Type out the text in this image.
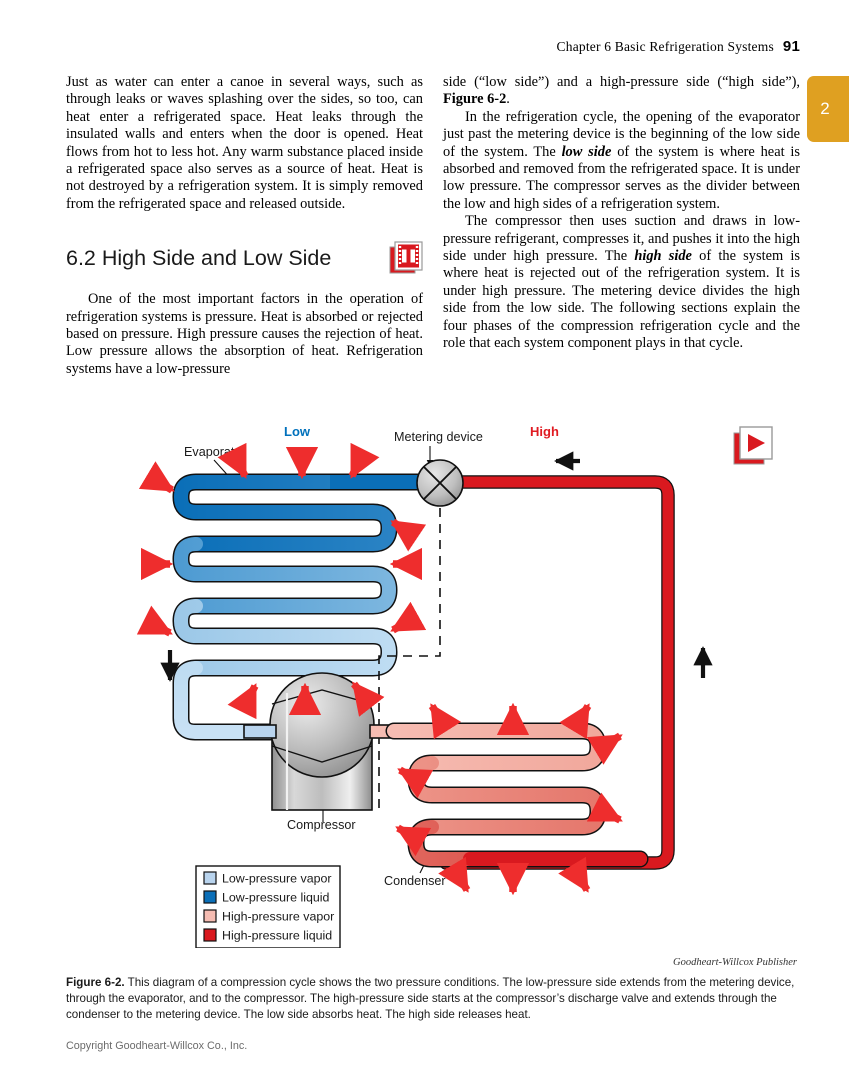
Chapter 6 Basic Refrigeration Systems 91
2

Just as water can enter a canoe in several ways, such as through leaks or waves splashing over the sides, so too, can heat enter a refrigerated space. Heat leaks through the insulated walls and enters when the door is opened. Heat flows from hot to less hot. Any warm substance placed inside a refrigerated space also serves as a source of heat. Heat is not destroyed by a refrigeration system. It is simply removed from the refrigerated space and released outside.

6.2 High Side and Low Side

One of the most important factors in the operation of refrigeration systems is pressure. Heat is absorbed or rejected based on pressure. High pressure causes the rejection of heat. Low pressure allows the absorption of heat. Refrigeration systems have a low-pressure

side (“low side”) and a high-pressure side (“high side”), Figure 6-2.

In the refrigeration cycle, the opening of the evaporator just past the metering device is the beginning of the low side of the system. The low side of the system is where heat is absorbed and removed from the refrigerated space. It is under low pressure. The compressor serves as the divider between the low and high sides of a refrigeration system.

The compressor then uses suction and draws in low-pressure refrigerant, compresses it, and pushes it into the high side under high pressure. The high side of the system is where heat is rejected out of the refrigeration system. It is under high pressure. The metering device divides the high side from the low side. The following sections explain the four phases of the compression refrigeration cycle and the role that each system component plays in that cycle.

Low	High
Evaporator
Metering device
Compressor
Condenser
Low-pressure vapor
Low-pressure liquid
High-pressure vapor
High-pressure liquid
Goodheart-Willcox Publisher
Figure 6-2. This diagram of a compression cycle shows the two pressure conditions. The low-pressure side extends from the metering device, through the evaporator, and to the compressor. The high-pressure side starts at the compressor’s discharge valve and extends through the condenser to the metering device. The low side absorbs heat. The high side releases heat.
Copyright Goodheart-Willcox Co., Inc.
